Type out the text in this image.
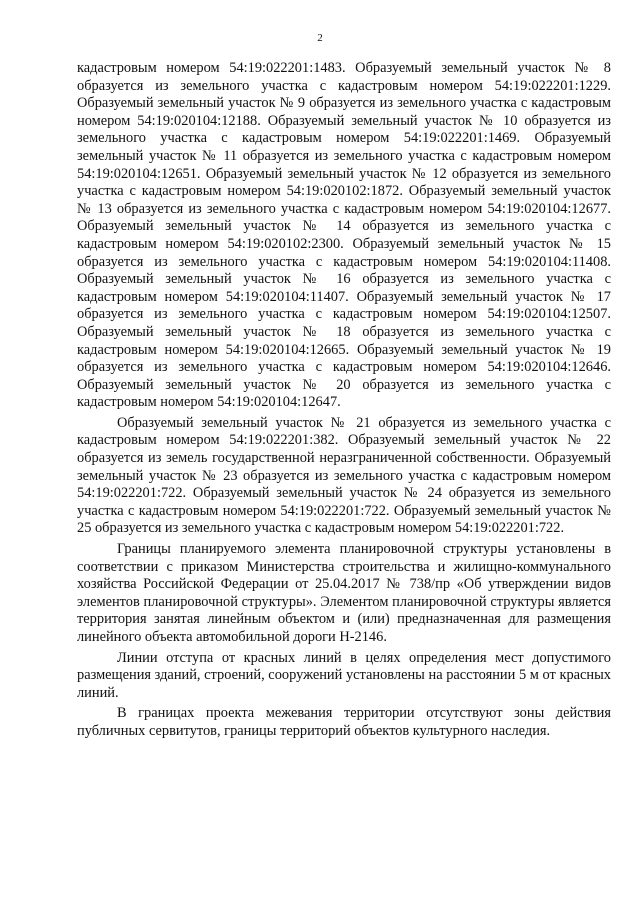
2

кадастровым номером 54:19:022201:1483. Образуемый земельный участок № 8 образуется из земельного участка с кадастровым номером 54:19:022201:1229. Образуемый земельный участок № 9 образуется из земельного участка с кадастровым номером 54:19:020104:12188. Образуемый земельный участок № 10 образуется из земельного участка с кадастровым номером 54:19:022201:1469. Образуемый земельный участок № 11 образуется из земельного участка с кадастровым номером 54:19:020104:12651. Образуемый земельный участок № 12 образуется из земельного участка с кадастровым номером 54:19:020102:1872. Образуемый земельный участок № 13 образуется из земельного участка с кадастровым номером 54:19:020104:12677. Образуемый земельный участок № 14 образуется из земельного участка с кадастровым номером 54:19:020102:2300. Образуемый земельный участок № 15 образуется из земельного участка с кадастровым номером 54:19:020104:11408. Образуемый земельный участок № 16 образуется из земельного участка с кадастровым номером 54:19:020104:11407. Образуемый земельный участок № 17 образуется из земельного участка с кадастровым номером 54:19:020104:12507. Образуемый земельный участок № 18 образуется из земельного участка с кадастровым номером 54:19:020104:12665. Образуемый земельный участок № 19 образуется из земельного участка с кадастровым номером 54:19:020104:12646. Образуемый земельный участок № 20 образуется из земельного участка с кадастровым номером 54:19:020104:12647.

Образуемый земельный участок № 21 образуется из земельного участка с кадастровым номером 54:19:022201:382. Образуемый земельный участок № 22 образуется из земель государственной неразграниченной собственности. Образуемый земельный участок № 23 образуется из земельного участка с кадастровым номером 54:19:022201:722. Образуемый земельный участок № 24 образуется из земельного участка с кадастровым номером 54:19:022201:722. Образуемый земельный участок № 25 образуется из земельного участка с кадастровым номером 54:19:022201:722.

Границы планируемого элемента планировочной структуры установлены в соответствии с приказом Министерства строительства и жилищно-коммунального хозяйства Российской Федерации от 25.04.2017 № 738/пр «Об утверждении видов элементов планировочной структуры». Элементом планировочной структуры является территория занятая линейным объектом и (или) предназначенная для размещения линейного объекта автомобильной дороги Н-2146.

Линии отступа от красных линий в целях определения мест допустимого размещения зданий, строений, сооружений установлены на расстоянии 5 м от красных линий.

В границах проекта межевания территории отсутствуют зоны действия публичных сервитутов, границы территорий объектов культурного наследия.
